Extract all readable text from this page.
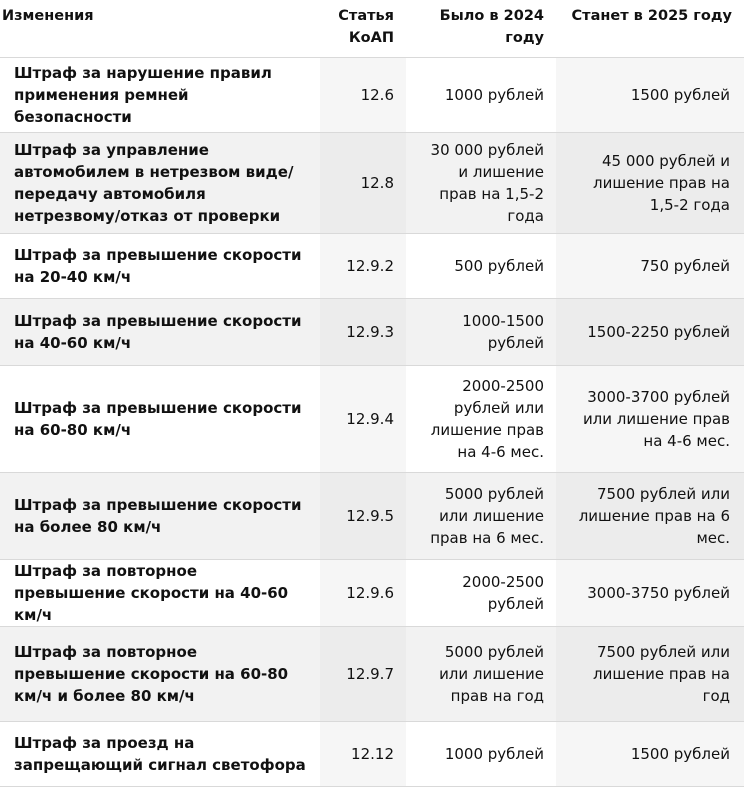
Изменения	Статья КоАП	Было в 2024 году	Станет в 2025 году
Штраф за нарушение правил применения ремней безопасности	12.6	1000 рублей	1500 рублей
Штраф за управление автомобилем в нетрезвом виде/передачу автомобиля нетрезвому/отказ от проверки	12.8	30 000 рублей и лишение прав на 1,5-2 года	45 000 рублей и лишение прав на 1,5-2 года
Штраф за превышение скорости на 20-40 км/ч	12.9.2	500 рублей	750 рублей
Штраф за превышение скорости на 40-60 км/ч	12.9.3	1000-1500 рублей	1500-2250 рублей
Штраф за превышение скорости на 60-80 км/ч	12.9.4	2000-2500 рублей или лишение прав на 4-6 мес.	3000-3700 рублей или лишение прав на 4-6 мес.
Штраф за превышение скорости на более 80 км/ч	12.9.5	5000 рублей или лишение прав на 6 мес.	7500 рублей или лишение прав на 6 мес.
Штраф за повторное превышение скорости на 40-60 км/ч	12.9.6	2000-2500 рублей	3000-3750 рублей
Штраф за повторное превышение скорости на 60-80 км/ч и более 80 км/ч	12.9.7	5000 рублей или лишение прав на год	7500 рублей или лишение прав на год
Штраф за проезд на запрещающий сигнал светофора	12.12	1000 рублей	1500 рублей
